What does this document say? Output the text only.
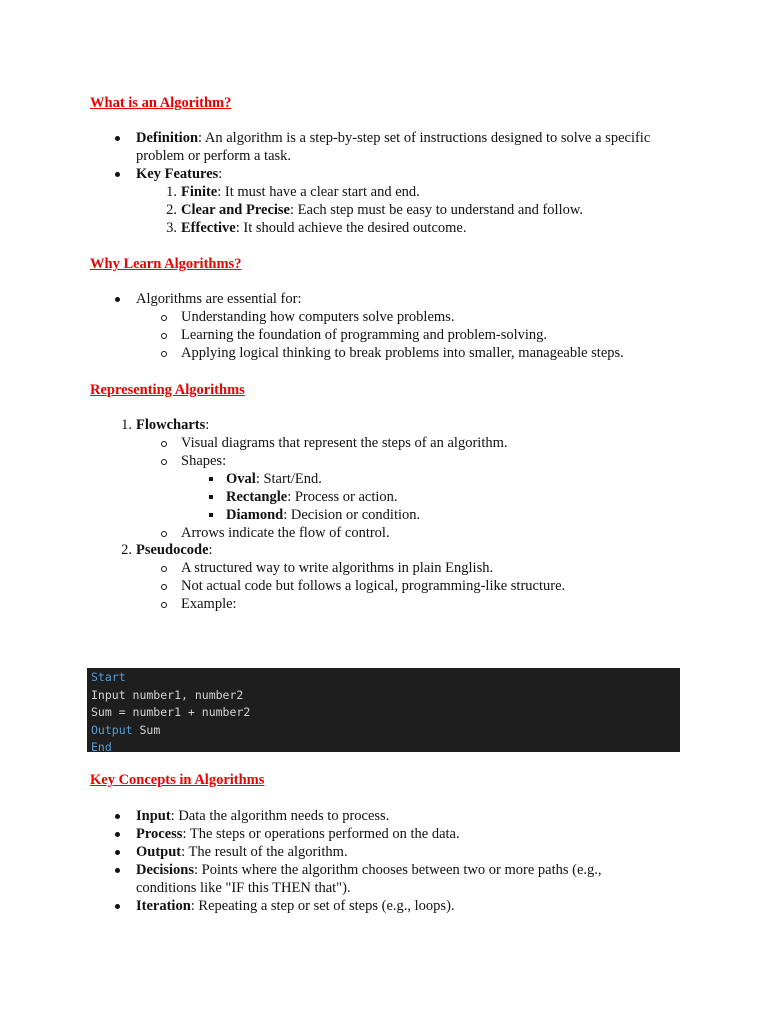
What is an Algorithm?
Definition: An algorithm is a step-by-step set of instructions designed to solve a specific
problem or perform a task.
Key Features:
1. Finite: It must have a clear start and end.
2. Clear and Precise: Each step must be easy to understand and follow.
3. Effective: It should achieve the desired outcome.
Why Learn Algorithms?
Algorithms are essential for:
Understanding how computers solve problems.
Learning the foundation of programming and problem-solving.
Applying logical thinking to break problems into smaller, manageable steps.
Representing Algorithms
1. Flowcharts:
Visual diagrams that represent the steps of an algorithm.
Shapes:
Oval: Start/End.
Rectangle: Process or action.
Diamond: Decision or condition.
Arrows indicate the flow of control.
2. Pseudocode:
A structured way to write algorithms in plain English.
Not actual code but follows a logical, programming-like structure.
Example:
Start
Input number1, number2
Sum = number1 + number2
Output Sum
End
Key Concepts in Algorithms
Input: Data the algorithm needs to process.
Process: The steps or operations performed on the data.
Output: The result of the algorithm.
Decisions: Points where the algorithm chooses between two or more paths (e.g.,
conditions like "IF this THEN that").
Iteration: Repeating a step or set of steps (e.g., loops).
